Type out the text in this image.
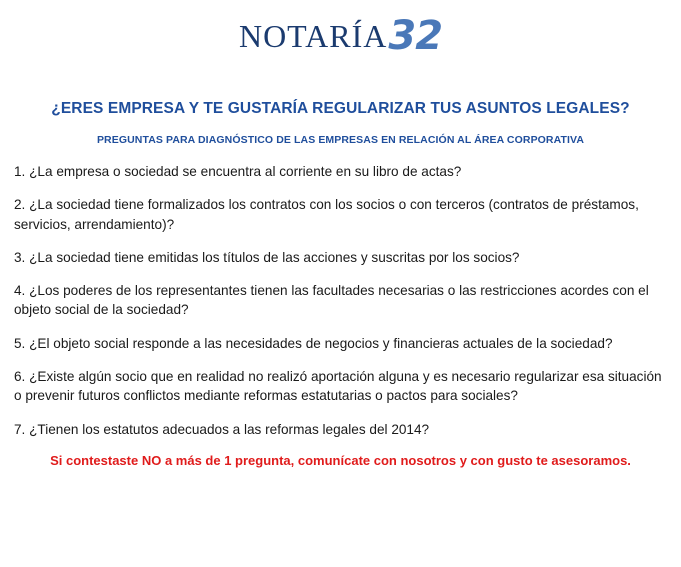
NOTARÍA32
¿ERES EMPRESA Y TE GUSTARÍA REGULARIZAR TUS ASUNTOS LEGALES?
PREGUNTAS PARA DIAGNÓSTICO DE LAS EMPRESAS EN RELACIÓN AL ÁREA CORPORATIVA

1. ¿La empresa o sociedad se encuentra al corriente en su libro de actas?

2. ¿La sociedad tiene formalizados los contratos con los socios o con terceros (contratos de préstamos, servicios, arrendamiento)?

3. ¿La sociedad tiene emitidas los títulos de las acciones y suscritas por los socios?

4. ¿Los poderes de los representantes tienen las facultades necesarias o las restricciones acordes con el objeto social de la sociedad?

5. ¿El objeto social responde a las necesidades de negocios y financieras actuales de la sociedad?

6. ¿Existe algún socio que en realidad no realizó aportación alguna y es necesario regularizar esa situación o prevenir futuros conflictos mediante reformas estatutarias o pactos para sociales?

7. ¿Tienen los estatutos adecuados a las reformas legales del 2014?

Si contestaste NO a más de 1 pregunta, comunícate con nosotros y con gusto te asesoramos.
